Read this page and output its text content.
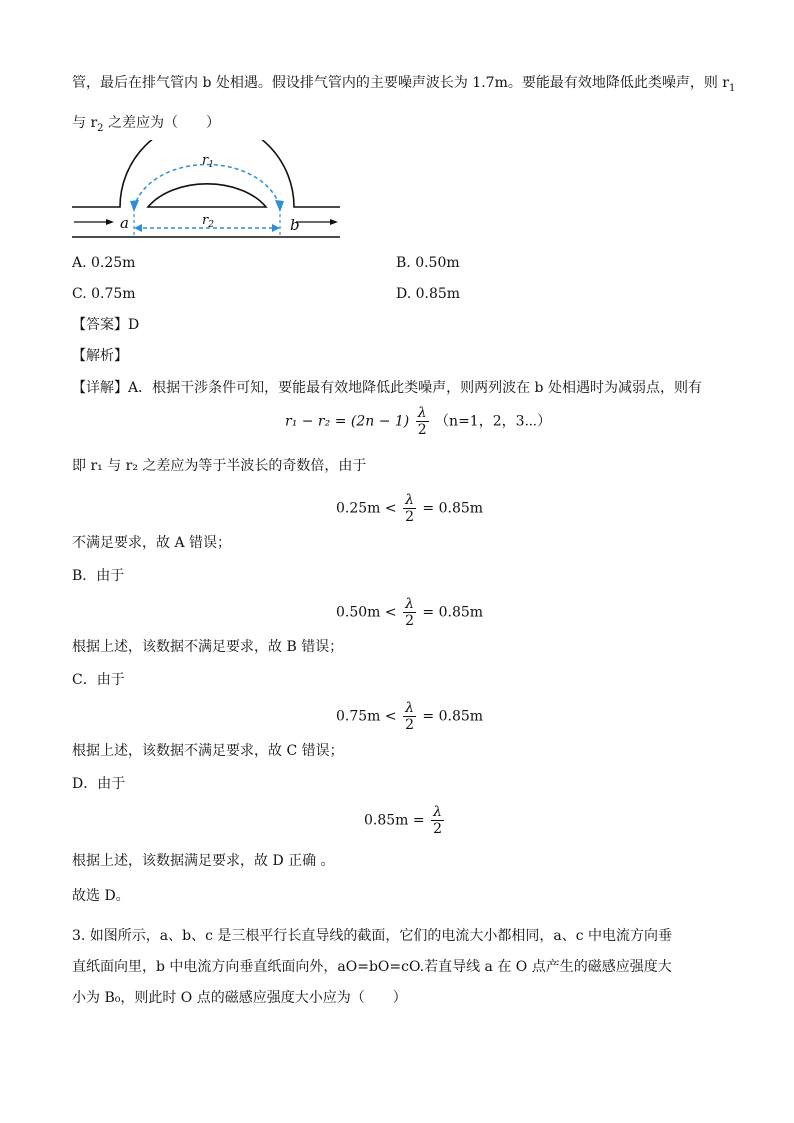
管，最后在排气管内 b 处相遇。假设排气管内的主要噪声波长为 1.7m。要能最有效地降低此类噪声，则 $r_1$
与 $r_2$ 之差应为（　　）
$r_1$
$r_2$
a	b
A. 0.25m	B. 0.50m
C. 0.75m	D. 0.85m
【答案】D
【解析】
【详解】A．根据干涉条件可知，要能最有效地降低此类噪声，则两列波在 b 处相遇时为减弱点，则有
$r_1 - r_2 = (2n - 1) \frac{\lambda}{2} (n=1$，2，3⋯）
即 r₁ 与 r₂ 之差应为等于半波长的奇数倍，由于
$0.25m < \frac{\lambda}{2} = 0.85m$
不满足要求，故 A 错误；
B．由于
$0.50m < \frac{\lambda}{2} = 0.85m$
根据上述，该数据不满足要求，故 B 错误；
C．由于
$0.75m < \frac{\lambda}{2} = 0.85m$
根据上述，该数据不满足要求，故 C 错误；
D．由于
$0.85m = \frac{\lambda}{2}$
根据上述，该数据满足要求，故 D 正确 。
故选 D。
3. 如图所示，a、b、c 是三根平行长直导线的截面，它们的电流大小都相同，a、c 中电流方向垂
直纸面向里，b 中电流方向垂直纸面向外，aO=bO=cO.若直导线 a 在 O 点产生的磁感应强度大
小为 B₀，则此时 O 点的磁感应强度大小应为（　　）
